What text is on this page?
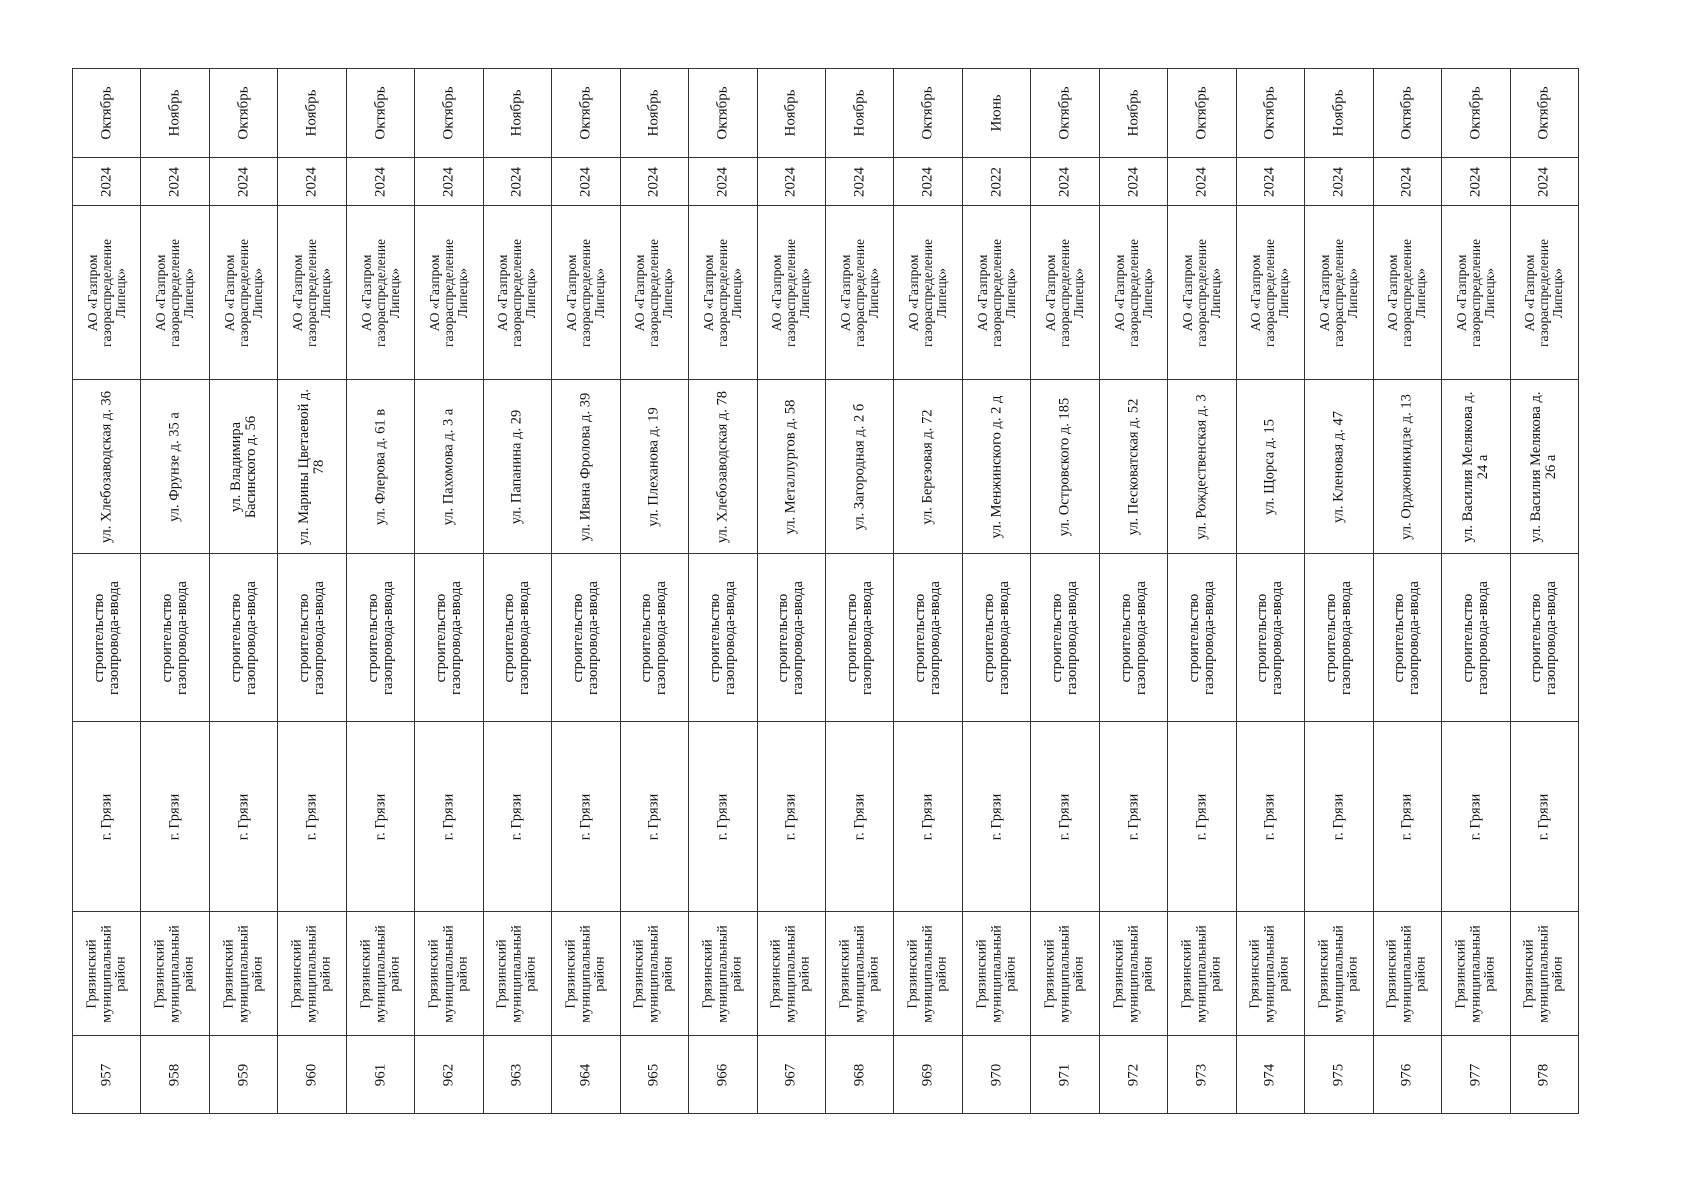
Октябрь
2024
АО «Газпром газораспределение Липецк»
ул. Хлебозаводская д. 36
строительство газопровода-ввода
г. Грязи
Грязинский муниципальный район
957
Ноябрь
2024
АО «Газпром газораспределение Липецк»
ул. Фрунзе д. 35 а
строительство газопровода-ввода
г. Грязи
Грязинский муниципальный район
958
Октябрь
2024
АО «Газпром газораспределение Липецк»
ул. Владимира Басинского д. 56
строительство газопровода-ввода
г. Грязи
Грязинский муниципальный район
959
Ноябрь
2024
АО «Газпром газораспределение Липецк»
ул. Марины Цветаевой д. 78
строительство газопровода-ввода
г. Грязи
Грязинский муниципальный район
960
Октябрь
2024
АО «Газпром газораспределение Липецк»
ул. Флерова д. 61 в
строительство газопровода-ввода
г. Грязи
Грязинский муниципальный район
961
Октябрь
2024
АО «Газпром газораспределение Липецк»
ул. Пахомова д. 3 а
строительство газопровода-ввода
г. Грязи
Грязинский муниципальный район
962
Ноябрь
2024
АО «Газпром газораспределение Липецк»
ул. Папанина д. 29
строительство газопровода-ввода
г. Грязи
Грязинский муниципальный район
963
Октябрь
2024
АО «Газпром газораспределение Липецк»
ул. Ивана Фролова д. 39
строительство газопровода-ввода
г. Грязи
Грязинский муниципальный район
964
Ноябрь
2024
АО «Газпром газораспределение Липецк»
ул. Плеханова д. 19
строительство газопровода-ввода
г. Грязи
Грязинский муниципальный район
965
Октябрь
2024
АО «Газпром газораспределение Липецк»
ул. Хлебозаводская д. 78
строительство газопровода-ввода
г. Грязи
Грязинский муниципальный район
966
Ноябрь
2024
АО «Газпром газораспределение Липецк»
ул. Металлургов д. 58
строительство газопровода-ввода
г. Грязи
Грязинский муниципальный район
967
Ноябрь
2024
АО «Газпром газораспределение Липецк»
ул. Загородная д. 2 б
строительство газопровода-ввода
г. Грязи
Грязинский муниципальный район
968
Октябрь
2024
АО «Газпром газораспределение Липецк»
ул. Березовая д. 72
строительство газопровода-ввода
г. Грязи
Грязинский муниципальный район
969
Июнь
2022
АО «Газпром газораспределение Липецк»
ул. Менжинского д. 2 д
строительство газопровода-ввода
г. Грязи
Грязинский муниципальный район
970
Октябрь
2024
АО «Газпром газораспределение Липецк»
ул. Островского д. 185
строительство газопровода-ввода
г. Грязи
Грязинский муниципальный район
971
Ноябрь
2024
АО «Газпром газораспределение Липецк»
ул. Песковатская д. 52
строительство газопровода-ввода
г. Грязи
Грязинский муниципальный район
972
Октябрь
2024
АО «Газпром газораспределение Липецк»
ул. Рождественская д. 3
строительство газопровода-ввода
г. Грязи
Грязинский муниципальный район
973
Октябрь
2024
АО «Газпром газораспределение Липецк»
ул. Щорса д. 15
строительство газопровода-ввода
г. Грязи
Грязинский муниципальный район
974
Ноябрь
2024
АО «Газпром газораспределение Липецк»
ул. Кленовая д. 47
строительство газопровода-ввода
г. Грязи
Грязинский муниципальный район
975
Октябрь
2024
АО «Газпром газораспределение Липецк»
ул. Орджоникидзе д. 13
строительство газопровода-ввода
г. Грязи
Грязинский муниципальный район
976
Октябрь
2024
АО «Газпром газораспределение Липецк»
ул. Василия Мелякова д. 24 а
строительство газопровода-ввода
г. Грязи
Грязинский муниципальный район
977
Октябрь
2024
АО «Газпром газораспределение Липецк»
ул. Василия Мелякова д. 26 а
строительство газопровода-ввода
г. Грязи
Грязинский муниципальный район
978
